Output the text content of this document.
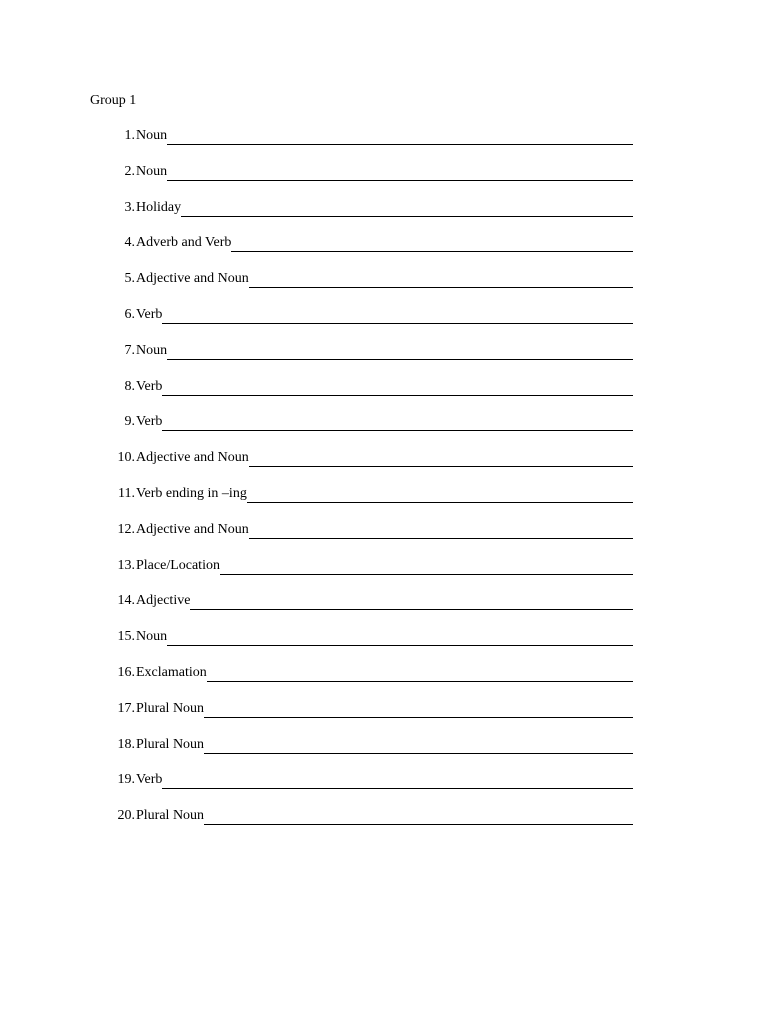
Group 1
1. Noun
2. Noun
3. Holiday
4. Adverb and Verb
5. Adjective and Noun
6. Verb
7. Noun
8. Verb
9. Verb
10. Adjective and Noun
11. Verb ending in –ing
12. Adjective and Noun
13. Place/Location
14. Adjective
15. Noun
16. Exclamation
17. Plural Noun
18. Plural Noun
19. Verb
20. Plural Noun
